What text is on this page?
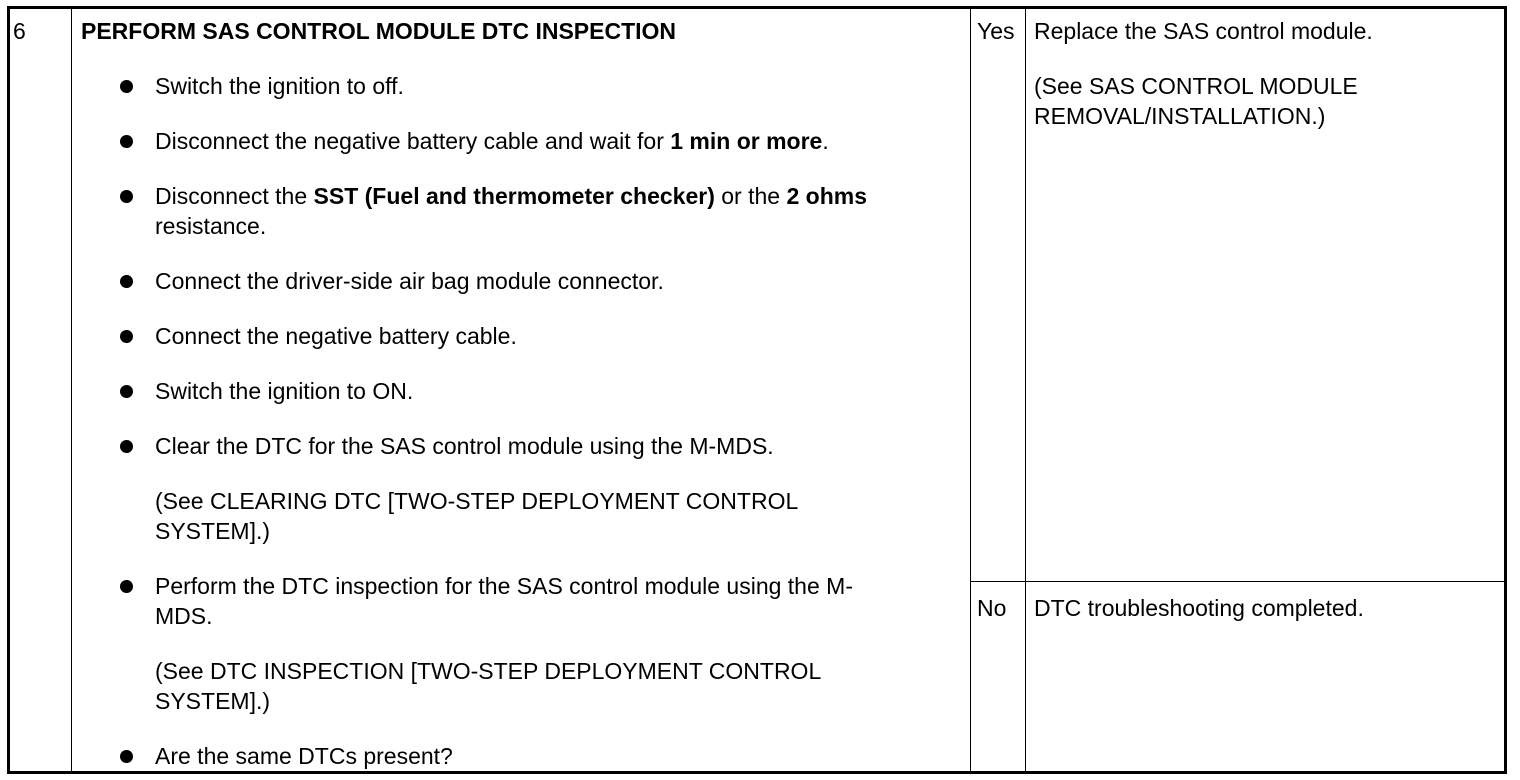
6 PERFORM SAS CONTROL MODULE DTC INSPECTION
Switch the ignition to off.
Disconnect the negative battery cable and wait for 1 min or more.
Disconnect the SST (Fuel and thermometer checker) or the 2 ohms resistance.
Connect the driver-side air bag module connector.
Connect the negative battery cable.
Switch the ignition to ON.
Clear the DTC for the SAS control module using the M-MDS.
(See CLEARING DTC [TWO-STEP DEPLOYMENT CONTROL SYSTEM].)
Perform the DTC inspection for the SAS control module using the M-MDS.
(See DTC INSPECTION [TWO-STEP DEPLOYMENT CONTROL SYSTEM].)
Are the same DTCs present?
Yes Replace the SAS control module.
(See SAS CONTROL MODULE REMOVAL/INSTALLATION.)
No DTC troubleshooting completed.
